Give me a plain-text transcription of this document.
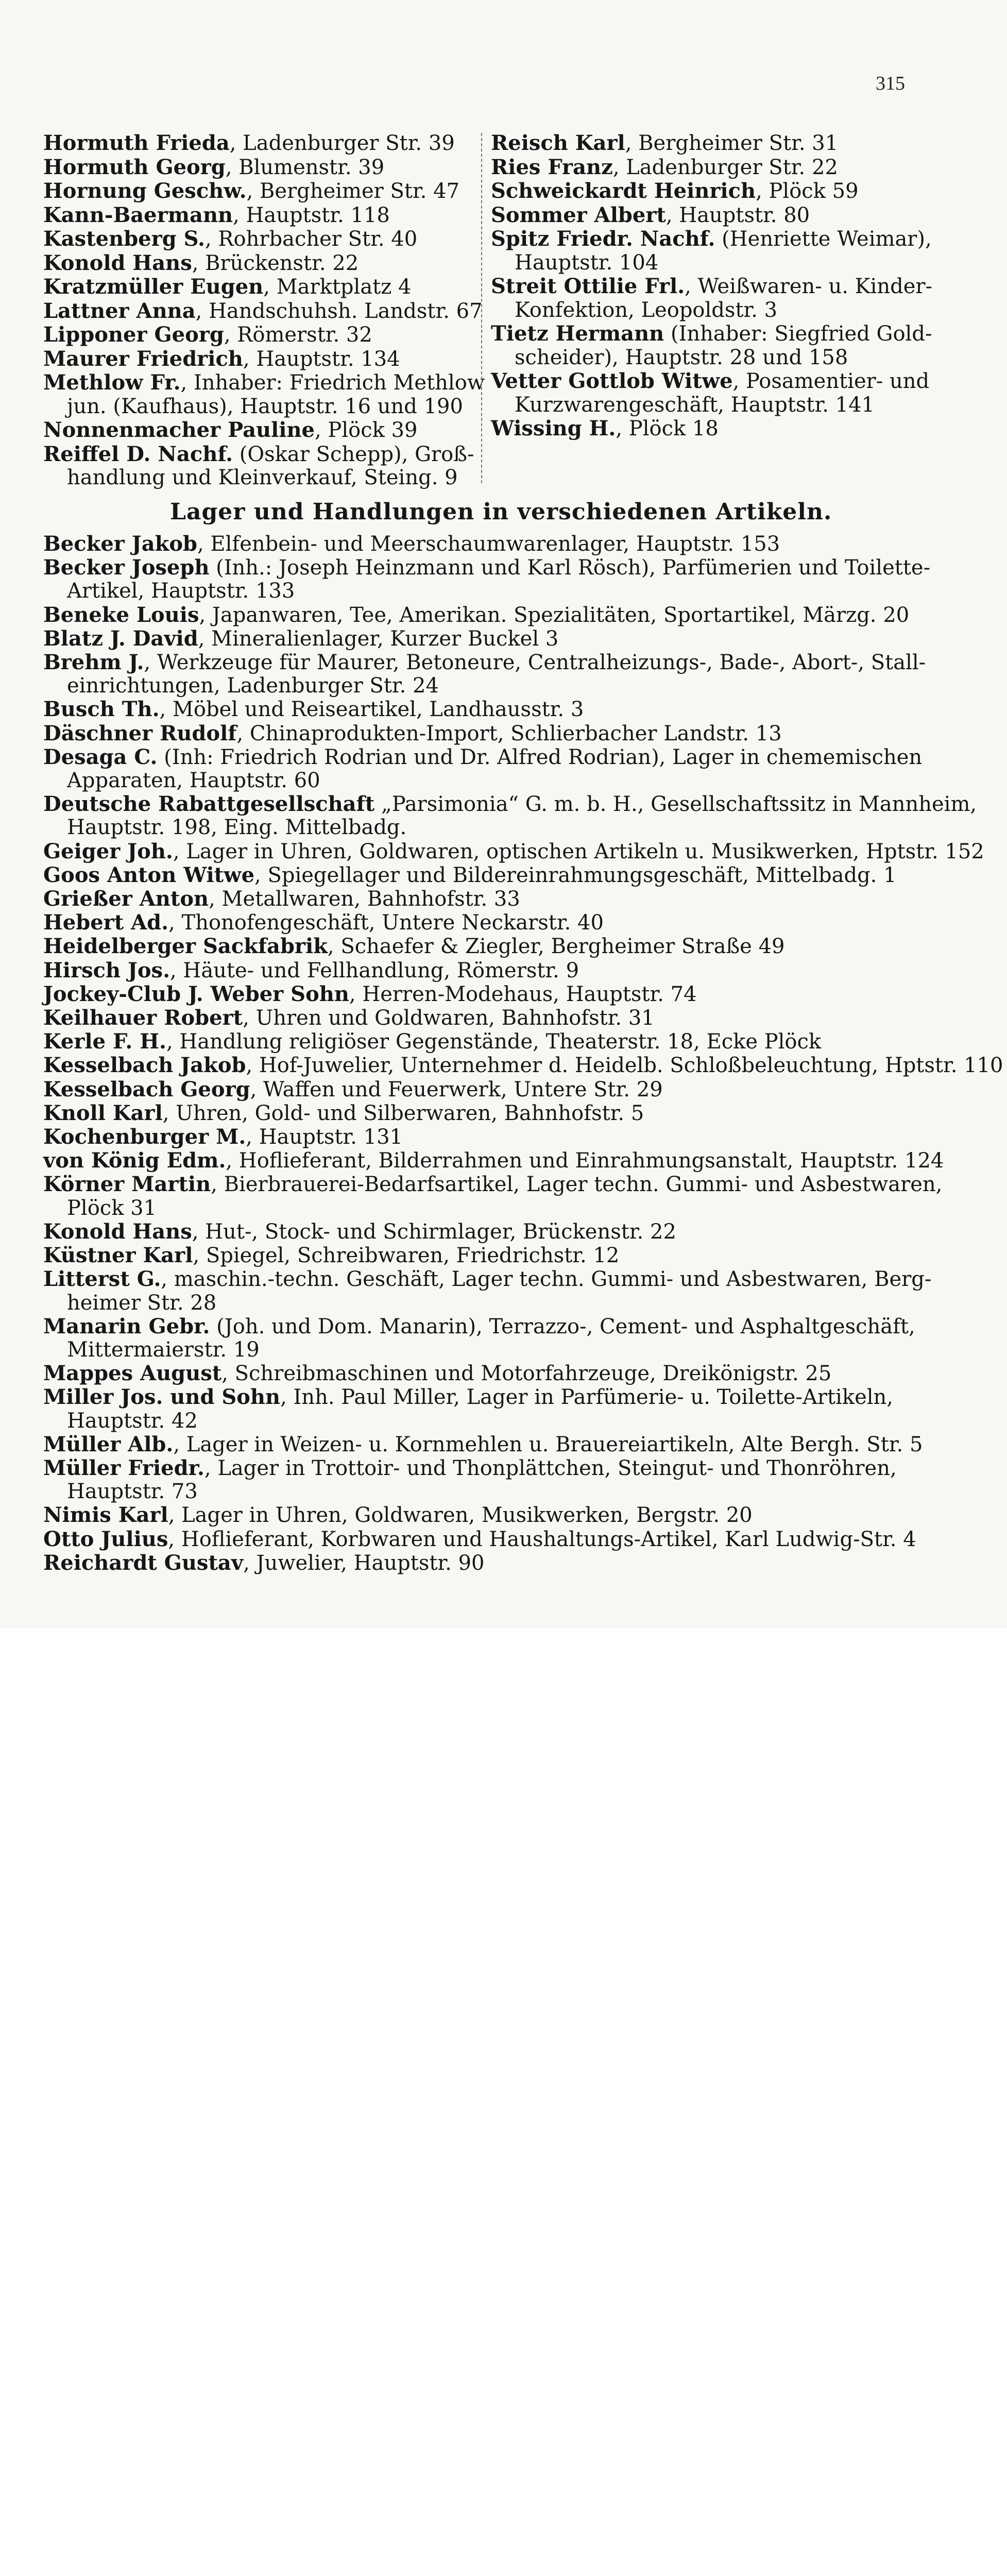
315
Hormuth Frieda, Ladenburger Str. 39
Hormuth Georg, Blumenstr. 39
Hornung Geschw., Bergheimer Str. 47
Kann-Baermann, Hauptstr. 118
Kastenberg S., Rohrbacher Str. 40
Konold Hans, Brückenstr. 22
Kratzmüller Eugen, Marktplatz 4
Lattner Anna, Handschuhsh. Landstr. 67
Lipponer Georg, Römerstr. 32
Maurer Friedrich, Hauptstr. 134
Methlow Fr., Inhaber: Friedrich Methlow
jun. (Kaufhaus), Hauptstr. 16 und 190
Nonnenmacher Pauline, Plöck 39
Reiffel D. Nachf. (Oskar Schepp), Groß-
handlung und Kleinverkauf, Steing. 9
Reisch Karl, Bergheimer Str. 31
Ries Franz, Ladenburger Str. 22
Schweickardt Heinrich, Plöck 59
Sommer Albert, Hauptstr. 80
Spitz Friedr. Nachf. (Henriette Weimar),
Hauptstr. 104
Streit Ottilie Frl., Weißwaren- u. Kinder-
Konfektion, Leopoldstr. 3
Tietz Hermann (Inhaber: Siegfried Gold-
scheider), Hauptstr. 28 und 158
Vetter Gottlob Witwe, Posamentier- und
Kurzwarengeschäft, Hauptstr. 141
Wissing H., Plöck 18
Lager und Handlungen in verschiedenen Artikeln.
Becker Jakob, Elfenbein- und Meerschaumwarenlager, Hauptstr. 153
Becker Joseph (Inh.: Joseph Heinzmann und Karl Rösch), Parfümerien und Toilette-
Artikel, Hauptstr. 133
Beneke Louis, Japanwaren, Tee, Amerikan. Spezialitäten, Sportartikel, Märzg. 20
Blatz J. David, Mineralienlager, Kurzer Buckel 3
Brehm J., Werkzeuge für Maurer, Betoneure, Centralheizungs-, Bade-, Abort-, Stall-
einrichtungen, Ladenburger Str. 24
Busch Th., Möbel und Reiseartikel, Landhausstr. 3
Däschner Rudolf, Chinaprodukten-Import, Schlierbacher Landstr. 13
Desaga C. (Inh: Friedrich Rodrian und Dr. Alfred Rodrian), Lager in chememischen
Apparaten, Hauptstr. 60
Deutsche Rabattgesellschaft „Parsimonia“ G. m. b. H., Gesellschaftssitz in Mannheim,
Hauptstr. 198, Eing. Mittelbadg.
Geiger Joh., Lager in Uhren, Goldwaren, optischen Artikeln u. Musikwerken, Hptstr. 152
Goos Anton Witwe, Spiegellager und Bildereinrahmungsgeschäft, Mittelbadg. 1
Grießer Anton, Metallwaren, Bahnhofstr. 33
Hebert Ad., Thonofengeschäft, Untere Neckarstr. 40
Heidelberger Sackfabrik, Schaefer & Ziegler, Bergheimer Straße 49
Hirsch Jos., Häute- und Fellhandlung, Römerstr. 9
Jockey-Club J. Weber Sohn, Herren-Modehaus, Hauptstr. 74
Keilhauer Robert, Uhren und Goldwaren, Bahnhofstr. 31
Kerle F. H., Handlung religiöser Gegenstände, Theaterstr. 18, Ecke Plöck
Kesselbach Jakob, Hof-Juwelier, Unternehmer d. Heidelb. Schloßbeleuchtung, Hptstr. 110
Kesselbach Georg, Waffen und Feuerwerk, Untere Str. 29
Knoll Karl, Uhren, Gold- und Silberwaren, Bahnhofstr. 5
Kochenburger M., Hauptstr. 131
von König Edm., Hoflieferant, Bilderrahmen und Einrahmungsanstalt, Hauptstr. 124
Körner Martin, Bierbrauerei-Bedarfsartikel, Lager techn. Gummi- und Asbestwaren,
Plöck 31
Konold Hans, Hut-, Stock- und Schirmlager, Brückenstr. 22
Küstner Karl, Spiegel, Schreibwaren, Friedrichstr. 12
Litterst G., maschin.-techn. Geschäft, Lager techn. Gummi- und Asbestwaren, Berg-
heimer Str. 28
Manarin Gebr. (Joh. und Dom. Manarin), Terrazzo-, Cement- und Asphaltgeschäft,
Mittermaierstr. 19
Mappes August, Schreibmaschinen und Motorfahrzeuge, Dreikönigstr. 25
Miller Jos. und Sohn, Inh. Paul Miller, Lager in Parfümerie- u. Toilette-Artikeln,
Hauptstr. 42
Müller Alb., Lager in Weizen- u. Kornmehlen u. Brauereiartikeln, Alte Bergh. Str. 5
Müller Friedr., Lager in Trottoir- und Thonplättchen, Steingut- und Thonröhren,
Hauptstr. 73
Nimis Karl, Lager in Uhren, Goldwaren, Musikwerken, Bergstr. 20
Otto Julius, Hoflieferant, Korbwaren und Haushaltungs-Artikel, Karl Ludwig-Str. 4
Reichardt Gustav, Juwelier, Hauptstr. 90
